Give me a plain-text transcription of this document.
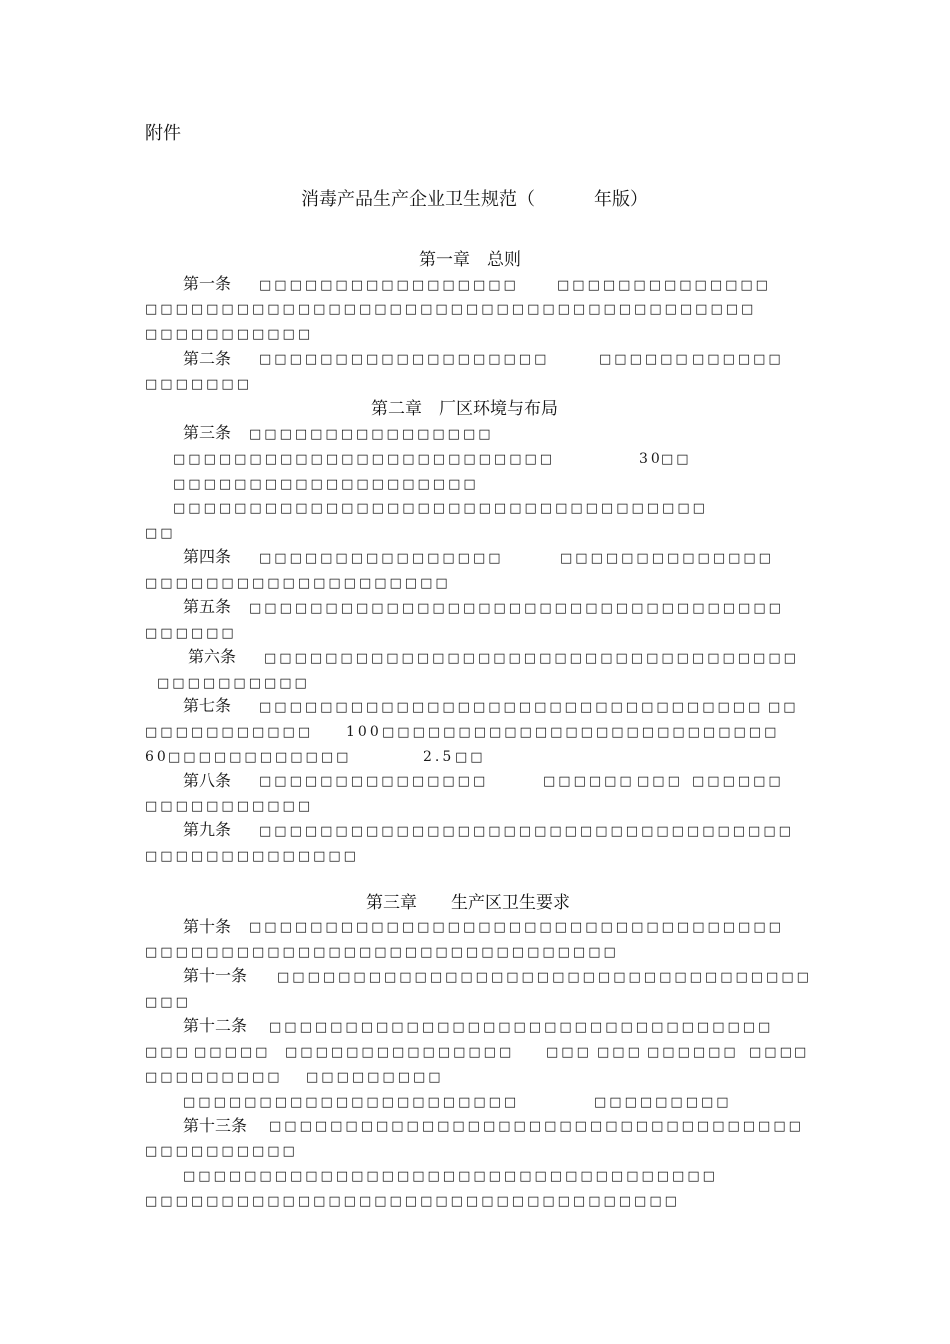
附件
消毒产品生产企业卫生规范（	年版）
第一章　总则
第一条 □□□□□□□□□□□□□□□□□	□□□□□□□□□□□□□□
□□□□□□□□□□□□□□□□□□□□□□□□□□□□□□□□□□□□□□□□
□□□□□□□□□□□
第二条 □□□□□□□□□□□□□□□□□□□	□□□□□□ □□□□□□
□□□□□□□
第二章　厂区环境与布局
第三条 □□□□□□□□□□□□□□□□
□□□□□□□□□□□□□□□□□□□□□□□□□	30
□□
□□□□□□□□□□□□□□□□□□□□
□□□□□□□□□□□□□□□□□□□□□□□□□□□□□□□□□□□
□□
第四条 □□□□□□□□□□□□□□□□	□□□□□□□□□□□□□□
□□□□□□□□□□□□□□□□□□□□
第五条 □□□□□□□□□□□□□□□□□□□□□□□□□□□□□□□□□□□
□□□□□□
第六条 □□□□□□□□□□□□□□□□□□□□□□□□□□□□□□□□□□□
□□□□□□□□□□
第七条 □□□□□□□□□□□□□□□□□□□□□□□□□□□□□□□□□ □□
□□□□□□□□□□□ 100 □□□□□□□□□□□□□□□□□□□□□□□□□□
60 □□□□□□□□□□□□	2.5 □□
第八条 □□□□□□□□□□□□□□□	□□□□□□ □□□ □□□□□□
□□□□□□□□□□□
第九条 □□□□□□□□□□□□□□□□□□□□□□□□□□□□□□□□□□□
□□□□□□□□□□□□□□
第三章　　生产区卫生要求
第十条 □□□□□□□□□□□□□□□□□□□□□□□□□□□□□□□□□□□
□□□□□□□□□□□□□□□□□□□□□□□□□□□□□□□
第十一条 □□□□□□□□□□□□□□□□□□□□□□□□□□□□□□□□□□□
□□□
第十二条 □□□□□□□□□□□□□□□□□□□□□□□□□□□□□□□□□
□□□ □□□□□ □□□□□□□□□□□□□□□ □□□ □□□ □□□□□□ □□□ □
□□□□□□□□□ □□□□□□□□□
□□□□□□□□□□□□□□□□□□□□□□	□□□□□□□□□
第十三条 □□□□□□□□□□□□□□□□□□□□□□□□□□□□□□□□□□□
□□□□□□□□□□
□□□□□□□□□□□□□□□□□□□□□□□□□□□□□□□□□□□
□□□□□□□□□□□□□□□□□□□□□□□□□□□□□□□□□□□
